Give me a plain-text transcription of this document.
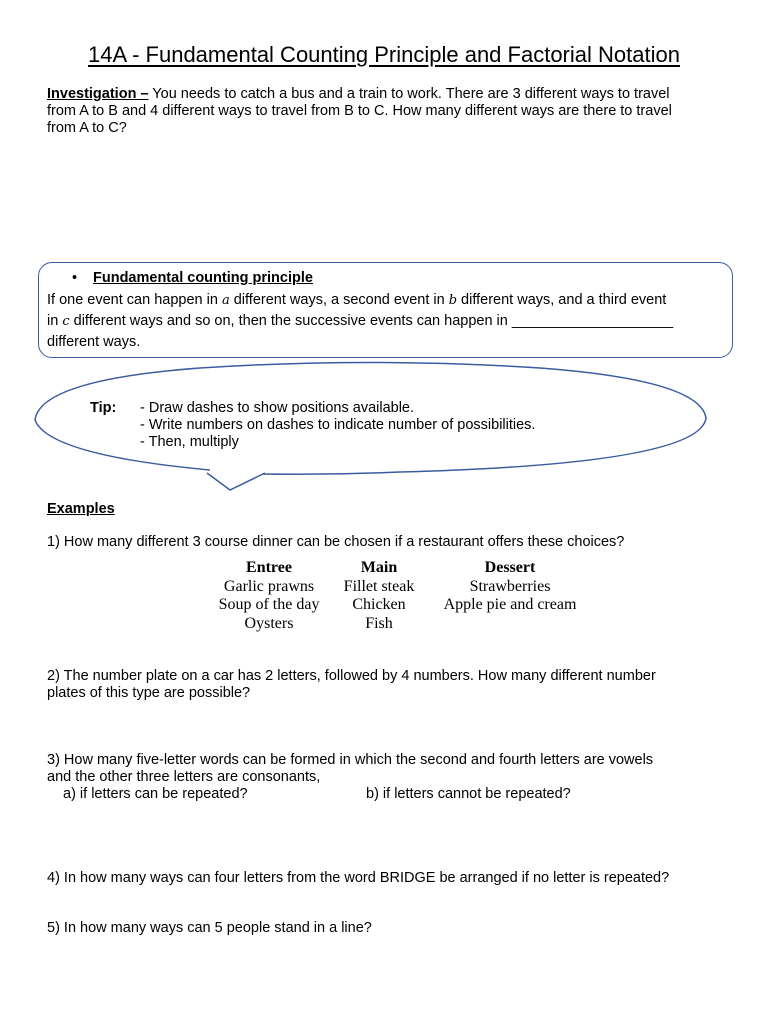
14A - Fundamental Counting Principle and Factorial Notation
Investigation – You needs to catch a bus and a train to work. There are 3 different ways to travel
from A to B and 4 different ways to travel from B to C. How many different ways are there to travel
from A to C?
• Fundamental counting principle
If one event can happen in a different ways, a second event in b different ways, and a third event
in c different ways and so on, then the successive events can happen in ____________________
different ways.
Tip: - Draw dashes to show positions available.
- Write numbers on dashes to indicate number of possibilities.
- Then, multiply
Examples
1) How many different 3 course dinner can be chosen if a restaurant offers these choices?
Entree	Main	Dessert
Garlic prawns	Fillet steak	Strawberries
Soup of the day	Chicken	Apple pie and cream
Oysters	Fish
2) The number plate on a car has 2 letters, followed by 4 numbers. How many different number
plates of this type are possible?
3) How many five-letter words can be formed in which the second and fourth letters are vowels
and the other three letters are consonants,
a) if letters can be repeated?	b) if letters cannot be repeated?
4) In how many ways can four letters from the word BRIDGE be arranged if no letter is repeated?
5) In how many ways can 5 people stand in a line?
